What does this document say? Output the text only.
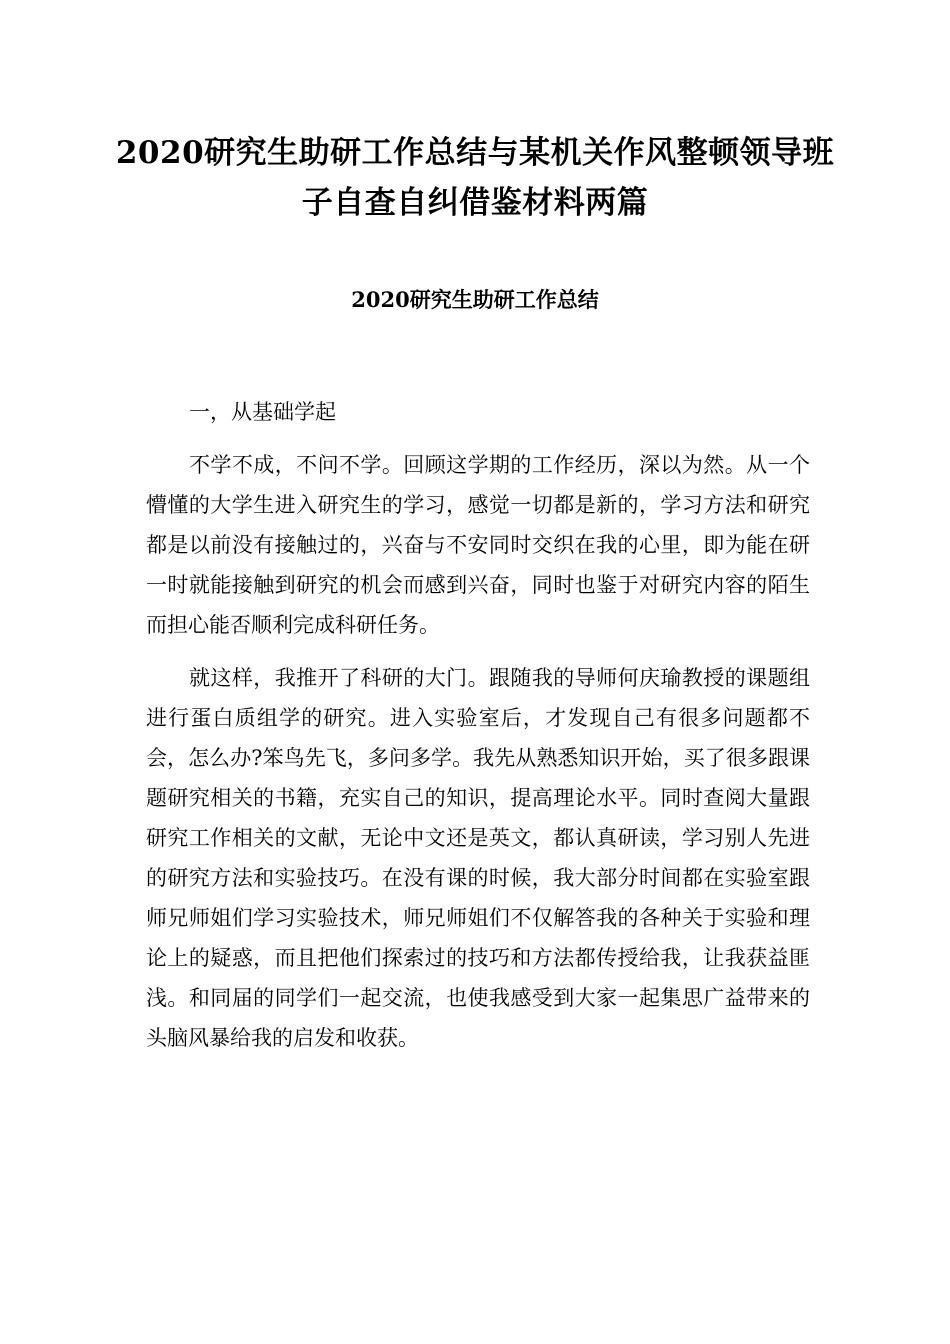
2020研究生助研工作总结与某机关作风整顿领导班
子自查自纠借鉴材料两篇
2020研究生助研工作总结

一，从基础学起

不学不成，不问不学。回顾这学期的工作经历，深以为然。从一个懵懂的大学生进入研究生的学习，感觉一切都是新的，学习方法和研究都是以前没有接触过的，兴奋与不安同时交织在我的心里，即为能在研一时就能接触到研究的机会而感到兴奋，同时也鉴于对研究内容的陌生而担心能否顺利完成科研任务。

就这样，我推开了科研的大门。跟随我的导师何庆瑜教授的课题组进行蛋白质组学的研究。进入实验室后，才发现自己有很多问题都不会，怎么办?笨鸟先飞，多问多学。我先从熟悉知识开始，买了很多跟课题研究相关的书籍，充实自己的知识，提高理论水平。同时查阅大量跟研究工作相关的文献，无论中文还是英文，都认真研读，学习别人先进的研究方法和实验技巧。在没有课的时候，我大部分时间都在实验室跟师兄师姐们学习实验技术，师兄师姐们不仅解答我的各种关于实验和理论上的疑惑，而且把他们探索过的技巧和方法都传授给我，让我获益匪浅。和同届的同学们一起交流，也使我感受到大家一起集思广益带来的头脑风暴给我的启发和收获。
